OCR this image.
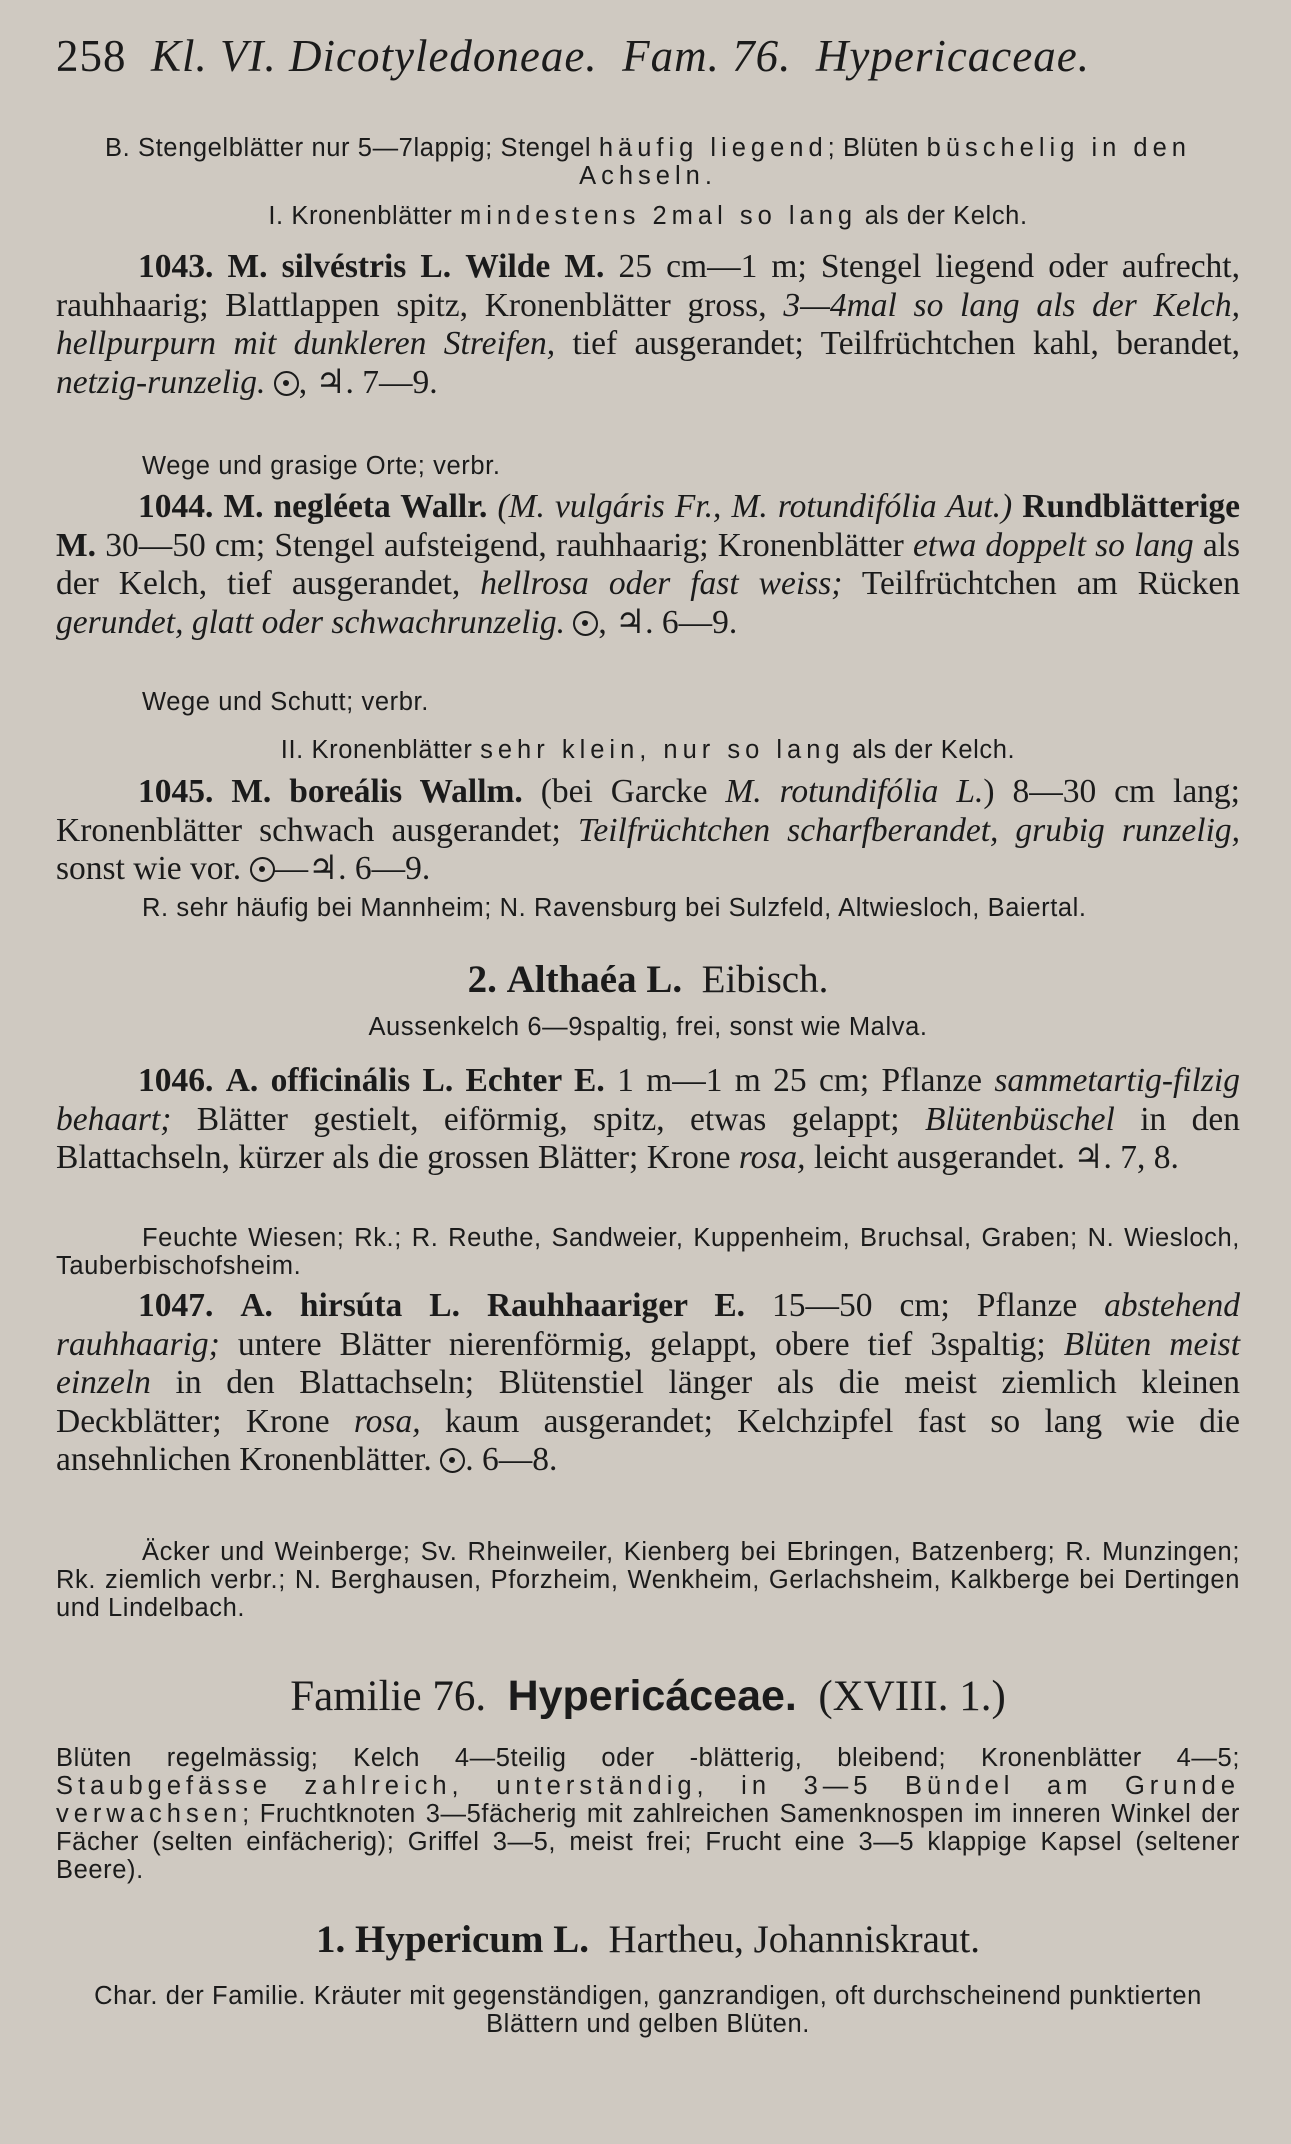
258 Kl. VI. Dicotyledoneae. Fam. 76. Hypericaceae.
B. Stengelblätter nur 5—7lappig; Stengel häufig liegend; Blüten büschelig in den Achseln.
I. Kronenblätter mindestens 2mal so lang als der Kelch.
1043. M. silvéstris L. Wilde M. 25 cm—1 m; Stengel liegend oder aufrecht, rauhhaarig; Blattlappen spitz, Kronenblätter gross, 3—4mal so lang als der Kelch, hellpurpurn mit dunkleren Streifen, tief ausgerandet; Teilfrüchtchen kahl, berandet, netzig-runzelig. , ♃. 7—9.
Wege und grasige Orte; verbr.
1044. M. negléeta Wallr. (M. vulgáris Fr., M. rotundifólia Aut.) Rundblätterige M. 30—50 cm; Stengel aufsteigend, rauhhaarig; Kronenblätter etwa doppelt so lang als der Kelch, tief ausgerandet, hellrosa oder fast weiss; Teilfrüchtchen am Rücken gerundet, glatt oder schwachrunzelig. , ♃. 6—9.
Wege und Schutt; verbr.
II. Kronenblätter sehr klein, nur so lang als der Kelch.
1045. M. boreális Wallm. (bei Garcke M. rotundifólia L.) 8—30 cm lang; Kronenblätter schwach ausgerandet; Teilfrüchtchen scharfberandet, grubig runzelig, sonst wie vor. —♃. 6—9.
R. sehr häufig bei Mannheim; N. Ravensburg bei Sulzfeld, Altwiesloch, Baiertal.
2. Althaéa L. Eibisch.
Aussenkelch 6—9spaltig, frei, sonst wie Malva.
1046. A. officinális L. Echter E. 1 m—1 m 25 cm; Pflanze sammetartig-filzig behaart; Blätter gestielt, eiförmig, spitz, etwas gelappt; Blütenbüschel in den Blattachseln, kürzer als die grossen Blätter; Krone rosa, leicht ausgerandet. ♃. 7, 8.
Feuchte Wiesen; Rk.; R. Reuthe, Sandweier, Kuppenheim, Bruchsal, Graben; N. Wiesloch, Tauberbischofsheim.
1047. A. hirsúta L. Rauhhaariger E. 15—50 cm; Pflanze abstehend rauhhaarig; untere Blätter nierenförmig, gelappt, obere tief 3spaltig; Blüten meist einzeln in den Blattachseln; Blütenstiel länger als die meist ziemlich kleinen Deckblätter; Krone rosa, kaum ausgerandet; Kelchzipfel fast so lang wie die ansehnlichen Kronenblätter. . 6—8.
Äcker und Weinberge; Sv. Rheinweiler, Kienberg bei Ebringen, Batzenberg; R. Munzingen; Rk. ziemlich verbr.; N. Berghausen, Pforzheim, Wenkheim, Gerlachsheim, Kalkberge bei Dertingen und Lindelbach.
Familie 76. Hypericáceae. (XVIII. 1.)
Blüten regelmässig; Kelch 4—5teilig oder -blätterig, bleibend; Kronenblätter 4—5; Staubgefässe zahlreich, unterständig, in 3—5 Bündel am Grunde verwachsen; Fruchtknoten 3—5fächerig mit zahlreichen Samenknospen im inneren Winkel der Fächer (selten einfächerig); Griffel 3—5, meist frei; Frucht eine 3—5 klappige Kapsel (seltener Beere).
1. Hypericum L. Hartheu, Johanniskraut.
Char. der Familie. Kräuter mit gegenständigen, ganzrandigen, oft durchscheinend punktierten Blättern und gelben Blüten.
